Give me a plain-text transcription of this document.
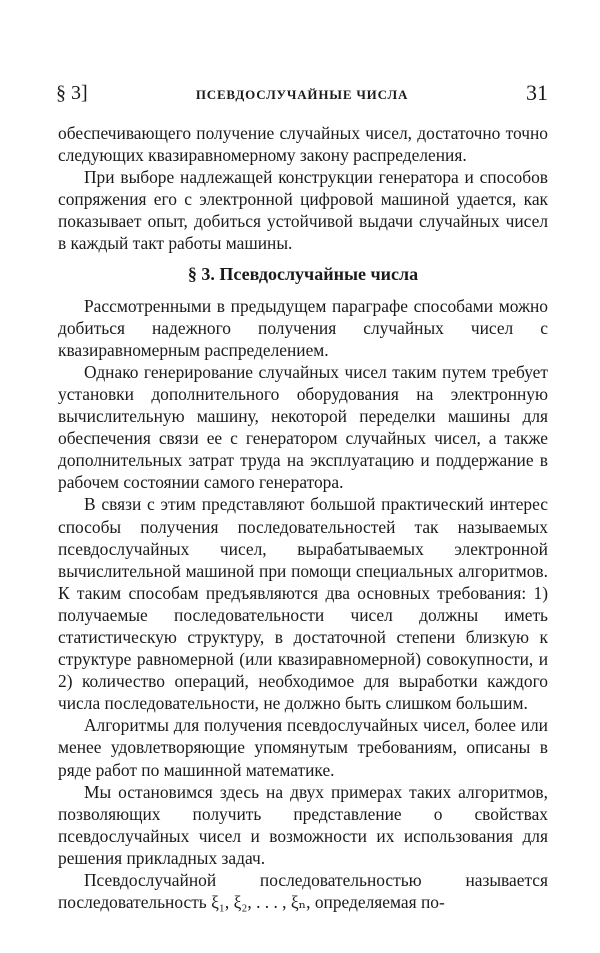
§ 3]	ПСЕВДОСЛУЧАЙНЫЕ ЧИСЛА	31

обеспечивающего получение случайных чисел, достаточно точно следующих квазиравномерному закону распределения.

При выборе надлежащей конструкции генератора и способов сопряжения его с электронной цифровой машиной удается, как показывает опыт, добиться устойчивой выдачи случайных чисел в каждый такт работы машины.

§ 3. Псевдослучайные числа

Рассмотренными в предыдущем параграфе способами можно добиться надежного получения случайных чисел с квазиравномерным распределением.

Однако генерирование случайных чисел таким путем требует установки дополнительного оборудования на электронную вычислительную машину, некоторой переделки машины для обеспечения связи ее с генератором случайных чисел, а также дополнительных затрат труда на эксплуатацию и поддержание в рабочем состоянии самого генератора.

В связи с этим представляют большой практический интерес способы получения последовательностей так называемых псевдослучайных чисел, вырабатываемых электронной вычислительной машиной при помощи специальных алгоритмов. К таким способам предъявляются два основных требования: 1) получаемые последовательности чисел должны иметь статистическую структуру, в достаточной степени близкую к структуре равномерной (или квазиравномерной) совокупности, и 2) количество операций, необходимое для выработки каждого числа последовательности, не должно быть слишком большим.

Алгоритмы для получения псевдослучайных чисел, более или менее удовлетворяющие упомянутым требованиям, описаны в ряде работ по машинной математике.

Мы остановимся здесь на двух примерах таких алгоритмов, позволяющих получить представление о свойствах псевдослучайных чисел и возможности их использования для решения прикладных задач.

Псевдослучайной последовательностью называется последовательность ξ₁, ξ₂, . . . , ξₙ, определяемая по-
